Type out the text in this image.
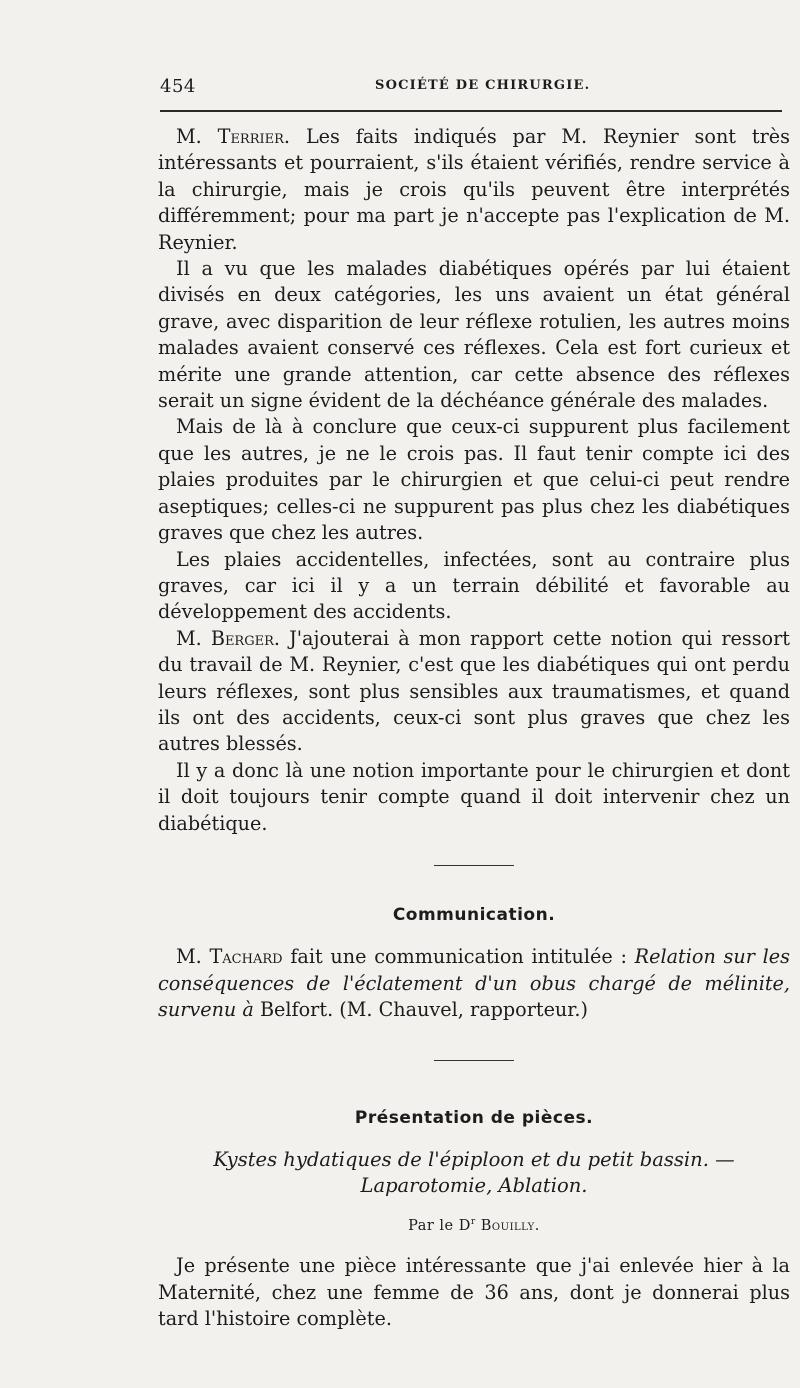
454	SOCIÉTÉ DE CHIRURGIE.

M. Terrier. Les faits indiqués par M. Reynier sont très intéressants et pourraient, s'ils étaient vérifiés, rendre service à la chirurgie, mais je crois qu'ils peuvent être interprétés différemment; pour ma part je n'accepte pas l'explication de M. Reynier.

Il a vu que les malades diabétiques opérés par lui étaient divisés en deux catégories, les uns avaient un état général grave, avec disparition de leur réflexe rotulien, les autres moins malades avaient conservé ces réflexes. Cela est fort curieux et mérite une grande attention, car cette absence des réflexes serait un signe évident de la déchéance générale des malades.

Mais de là à conclure que ceux-ci suppurent plus facilement que les autres, je ne le crois pas. Il faut tenir compte ici des plaies produites par le chirurgien et que celui-ci peut rendre aseptiques; celles-ci ne suppurent pas plus chez les diabétiques graves que chez les autres.

Les plaies accidentelles, infectées, sont au contraire plus graves, car ici il y a un terrain débilité et favorable au développement des accidents.

M. Berger. J'ajouterai à mon rapport cette notion qui ressort du travail de M. Reynier, c'est que les diabétiques qui ont perdu leurs réflexes, sont plus sensibles aux traumatismes, et quand ils ont des accidents, ceux-ci sont plus graves que chez les autres blessés.

Il y a donc là une notion importante pour le chirurgien et dont il doit toujours tenir compte quand il doit intervenir chez un diabétique.

Communication.

M. Tachard fait une communication intitulée : Relation sur les conséquences de l'éclatement d'un obus chargé de mélinite, survenu à Belfort. (M. Chauvel, rapporteur.)

Présentation de pièces.
Kystes hydatiques de l'épiploon et du petit bassin. — Laparotomie, Ablation.
Par le $D^r$ Bouilly.

Je présente une pièce intéressante que j'ai enlevée hier à la Maternité, chez une femme de 36 ans, dont je donnerai plus tard l'histoire complète.
